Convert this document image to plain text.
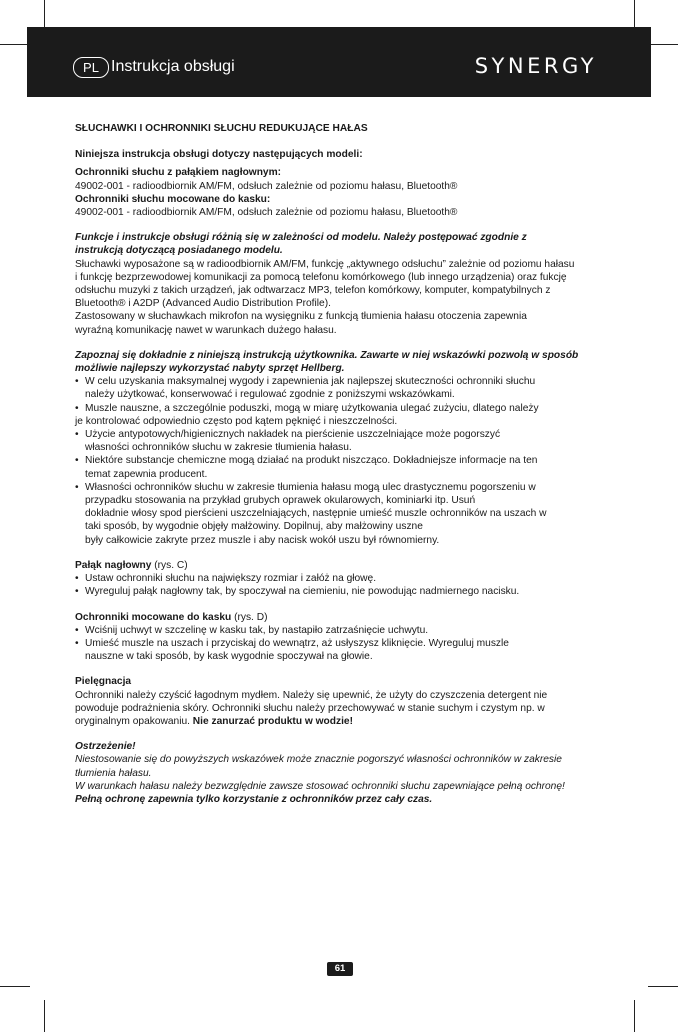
PL Instrukcja obsługi	SYNERGY

SŁUCHAWKI I OCHRONNIKI SŁUCHU REDUKUJĄCE HAŁAS

Niniejsza instrukcja obsługi dotyczy następujących modeli:

Ochronniki słuchu z pałąkiem nagłownym:

49002-001 - radioodbiornik AM/FM, odsłuch zależnie od poziomu hałasu, Bluetooth®

Ochronniki słuchu mocowane do kasku:

49002-001 - radioodbiornik AM/FM, odsłuch zależnie od poziomu hałasu, Bluetooth®

Funkcje i instrukcje obsługi różnią się w zależności od modelu. Należy postępować zgodnie z

instrukcją dotyczącą posiadanego modelu.

Słuchawki wyposażone są w radioodbiornik AM/FM, funkcję „aktywnego odsłuchu” zależnie od poziomu hałasu

i funkcję bezprzewodowej komunikacji za pomocą telefonu komórkowego (lub innego urządzenia) oraz fukcję

odsłuchu muzyki z takich urządzeń, jak odtwarzacz MP3, telefon komórkowy, komputer, kompatybilnych z

Bluetooth® i A2DP (Advanced Audio Distribution Profile).

Zastosowany w słuchawkach mikrofon na wysięgniku z funkcją tłumienia hałasu otoczenia zapewnia

wyraźną komunikację nawet w warunkach dużego hałasu.

Zapoznaj się dokładnie z niniejszą instrukcją użytkownika. Zawarte w niej wskazówki pozwolą w sposób

możliwie najlepszy wykorzystać nabyty sprzęt Hellberg.

• W celu uzyskania maksymalnej wygody i zapewnienia jak najlepszej skuteczności ochronniki słuchu
należy użytkować, konserwować i regulować zgodnie z poniższymi wskazówkami.
• Muszle nauszne, a szczególnie poduszki, mogą w miarę użytkowania ulegać zużyciu, dlatego należy

je kontrolować odpowiednio często pod kątem pęknięć i nieszczelności.

• Użycie antypotowych/higienicznych nakładek na pierścienie uszczelniające może pogorszyć
własności ochronników słuchu w zakresie tłumienia hałasu.
• Niektóre substancje chemiczne mogą działać na produkt niszcząco. Dokładniejsze informacje na ten
temat zapewnia producent.
• Własności ochronników słuchu w zakresie tłumienia hałasu mogą ulec drastycznemu pogorszeniu w
przypadku stosowania na przykład grubych oprawek okularowych, kominiarki itp. Usuń
dokładnie włosy spod pierścieni uszczelniających, następnie umieść muszle ochronników na uszach w
taki sposób, by wygodnie objęły małżowiny. Dopilnuj, aby małżowiny uszne
były całkowicie zakryte przez muszle i aby nacisk wokół uszu był równomierny.

Pałąk nagłowny (rys. C)

• Ustaw ochronniki słuchu na największy rozmiar i załóż na głowę.
• Wyreguluj pałąk nagłowny tak, by spoczywał na ciemieniu, nie powodując nadmiernego nacisku.

Ochronniki mocowane do kasku (rys. D)

• Wciśnij uchwyt w szczelinę w kasku tak, by nastapiło zatrzaśnięcie uchwytu.
• Umieść muszle na uszach i przyciskaj do wewnątrz, aż usłyszysz kliknięcie. Wyreguluj muszle
nauszne w taki sposób, by kask wygodnie spoczywał na głowie.

Pielęgnacja

Ochronniki należy czyścić łagodnym mydłem. Należy się upewnić, że użyty do czyszczenia detergent nie

powoduje podrażnienia skóry. Ochronniki słuchu należy przechowywać w stanie suchym i czystym np. w

oryginalnym opakowaniu. Nie zanurzać produktu w wodzie!

Ostrzeżenie!

Niestosowanie się do powyższych wskazówek może znacznie pogorszyć własności ochronników w zakresie

tłumienia hałasu.

W warunkach hałasu należy bezwzględnie zawsze stosować ochronniki słuchu zapewniające pełną ochronę!

Pełną ochronę zapewnia tylko korzystanie z ochronników przez cały czas.

61
